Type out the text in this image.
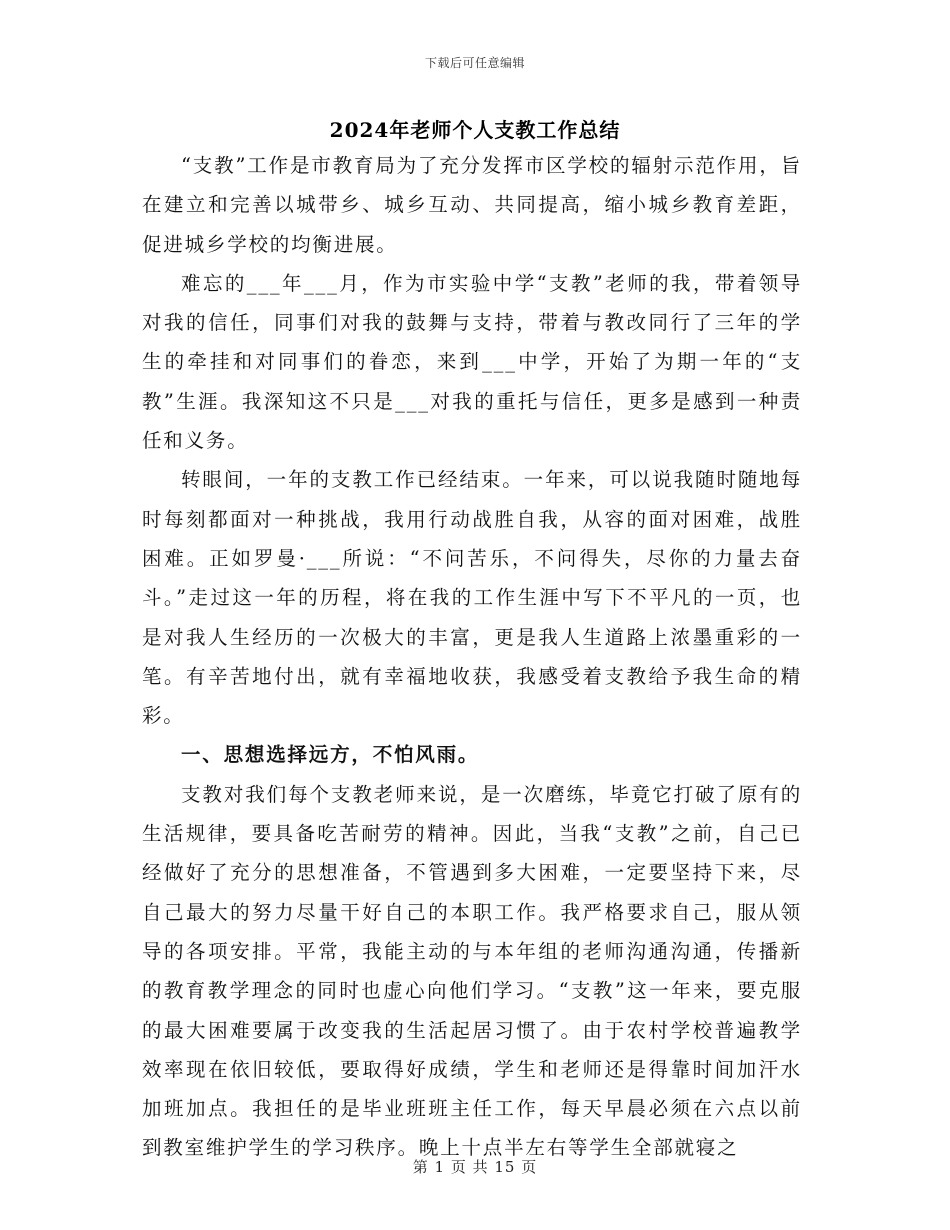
下载后可任意编辑
2024年老师个人支教工作总结

“支教”工作是市教育局为了充分发挥市区学校的辐射示范作用，旨在建立和完善以城带乡、城乡互动、共同提高，缩小城乡教育差距，促进城乡学校的均衡进展。

难忘的___年___月，作为市实验中学“支教”老师的我，带着领导对我的信任，同事们对我的鼓舞与支持，带着与教改同行了三年的学生的牵挂和对同事们的眷恋，来到___中学，开始了为期一年的“支教”生涯。我深知这不只是___对我的重托与信任，更多是感到一种责任和义务。

转眼间，一年的支教工作已经结束。一年来，可以说我随时随地每时每刻都面对一种挑战，我用行动战胜自我，从容的面对困难，战胜困难。正如罗曼·___所说：“不问苦乐，不问得失，尽你的力量去奋斗。”走过这一年的历程，将在我的工作生涯中写下不平凡的一页，也是对我人生经历的一次极大的丰富，更是我人生道路上浓墨重彩的一笔。有辛苦地付出，就有幸福地收获，我感受着支教给予我生命的精彩。

一、思想选择远方，不怕风雨。

支教对我们每个支教老师来说，是一次磨练，毕竟它打破了原有的生活规律，要具备吃苦耐劳的精神。因此，当我“支教”之前，自己已经做好了充分的思想准备，不管遇到多大困难，一定要坚持下来，尽自己最大的努力尽量干好自己的本职工作。我严格要求自己，服从领导的各项安排。平常，我能主动的与本年组的老师沟通沟通，传播新的教育教学理念的同时也虚心向他们学习。“支教”这一年来，要克服的最大困难要属于改变我的生活起居习惯了。由于农村学校普遍教学效率现在依旧较低，要取得好成绩，学生和老师还是得靠时间加汗水加班加点。我担任的是毕业班班主任工作，每天早晨必须在六点以前到教室维护学生的学习秩序。晚上十点半左右等学生全部就寝之

第 1 页 共 15 页
